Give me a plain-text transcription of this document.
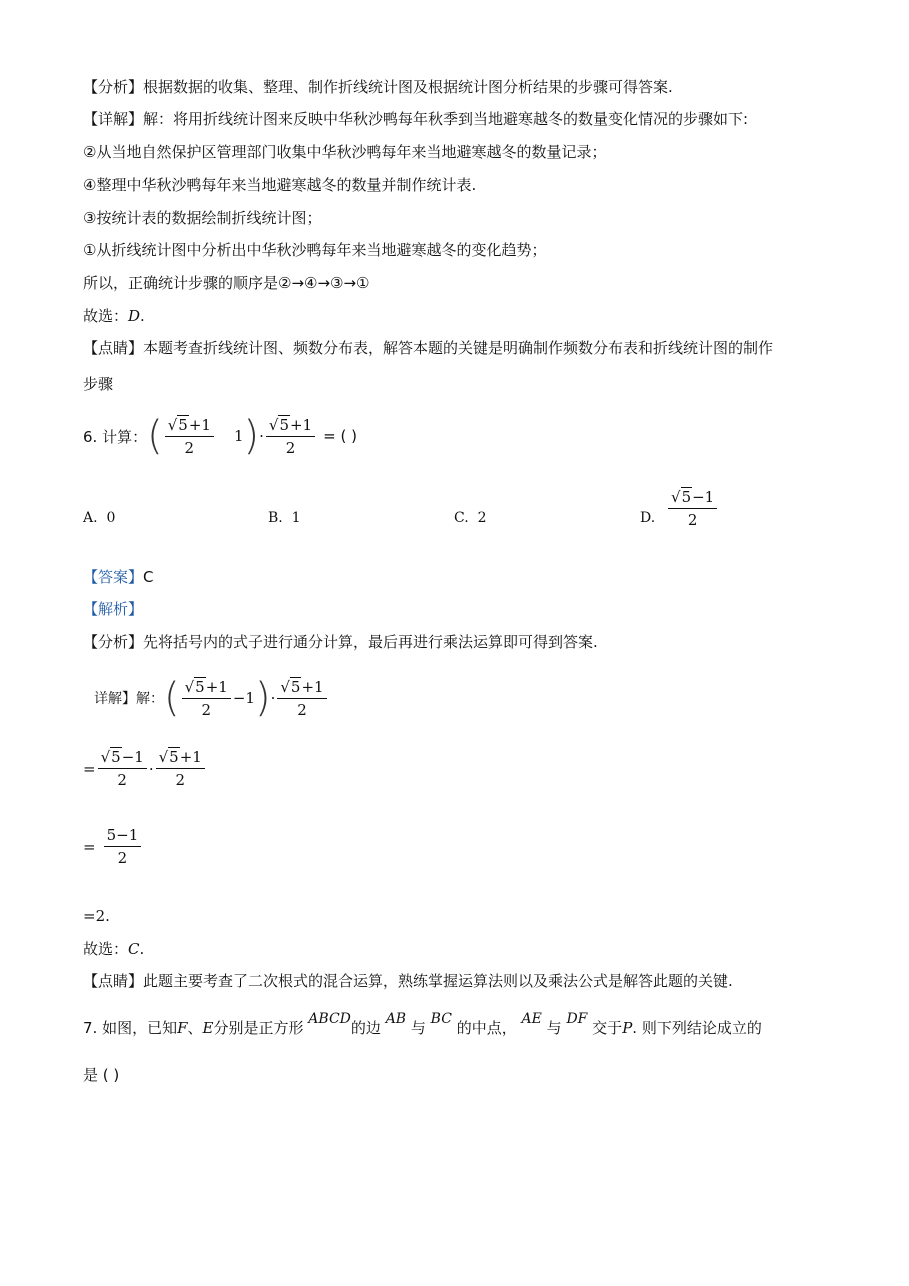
【分析】根据数据的收集、整理、制作折线统计图及根据统计图分析结果的步骤可得答案.
【详解】解：将用折线统计图来反映中华秋沙鸭每年秋季到当地避寒越冬的数量变化情况的步骤如下:
②从当地自然保护区管理部门收集中华秋沙鸭每年来当地避寒越冬的数量记录；
④整理中华秋沙鸭每年来当地避寒越冬的数量并制作统计表.
③按统计表的数据绘制折线统计图；
①从折线统计图中分析出中华秋沙鸭每年来当地避寒越冬的变化趋势；
所以，正确统计步骤的顺序是②→④→③→①
故选：D.
【点睛】本题考查折线统计图、频数分布表，解答本题的关键是明确制作频数分布表和折线统计图的制作
步骤
6. 计算： ( $\frac{√5+1}{2} 1$ ) · $\frac{√5+1}{2}$ = ( )
A. 0	B. 1	C. 2	D. $\frac{√5-1}{2}$
【答案】C
【解析】
【分析】先将括号内的式子进行通分计算，最后再进行乘法运算即可得到答案.
详解】解： ( $\frac{√5+1}{2} -1$ ) · $\frac{√5+1}{2}$
= $\frac{√5-1}{2} \cdot \frac{√5+1}{2}$
= $\frac{5-1}{2}$
=2.
故选：C.
【点睛】此题主要考查了二次根式的混合运算，熟练掌握运算法则以及乘法公式是解答此题的关键.
7. 如图，已知F、E分别是正方形 ABCD的边 AB 与 BC 的中点， AE 与 DF 交于P. 则下列结论成立的
是 ( )
